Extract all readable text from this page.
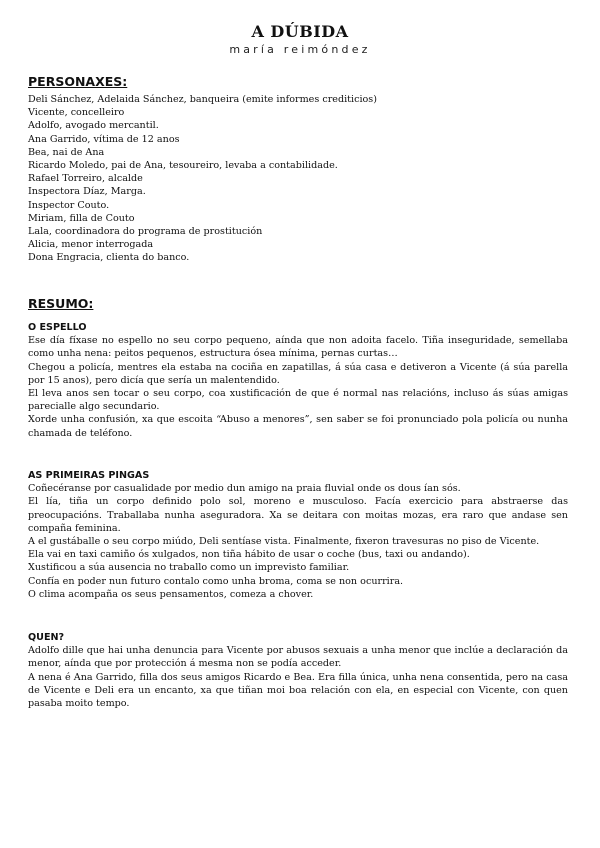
A DÚBIDA
maría reimóndez
PERSONAXES:
Deli Sánchez, Adelaida Sánchez, banqueira (emite informes crediticios)
Vicente, concelleiro
Adolfo, avogado mercantil.
Ana Garrido, vítima de 12 anos
Bea, nai de Ana
Ricardo Moledo, pai de Ana, tesoureiro, levaba a contabilidade.
Rafael Torreiro, alcalde
Inspectora Díaz, Marga.
Inspector Couto.
Miriam, filla de Couto
Lala, coordinadora do programa de prostitución
Alicia, menor interrogada
Dona Engracia, clienta do banco.
RESUMO:
O ESPELLO

Ese día fíxase no espello no seu corpo pequeno, aínda que non adoita facelo. Tiña inseguridade, semellaba como unha nena: peitos pequenos, estructura ósea mínima, pernas curtas…

Chegou a policía, mentres ela estaba na cociña en zapatillas, á súa casa e detiveron a Vicente (á súa parella por 15 anos), pero dicía que sería un malentendido.

El leva anos sen tocar o seu corpo, coa xustificación de que é normal nas relacións, incluso ás súas amigas parecialle algo secundario.

Xorde unha confusión, xa que escoita “Abuso a menores”, sen saber se foi pronunciado pola policía ou nunha chamada de teléfono.

AS PRIMEIRAS PINGAS

Coñecéranse por casualidade por medio dun amigo na praia fluvial onde os dous ían sós.

El lía, tiña un corpo definido polo sol, moreno e musculoso. Facía exercicio para abstraerse das preocupacións. Traballaba nunha aseguradora. Xa se deitara con moitas mozas, era raro que andase sen compaña feminina.

A el gustáballe o seu corpo miúdo, Deli sentíase vista. Finalmente, fixeron travesuras no piso de Vicente.

Ela vai en taxi camiño ós xulgados, non tiña hábito de usar o coche (bus, taxi ou andando).

Xustificou a súa ausencia no traballo como un imprevisto familiar.

Confía en poder nun futuro contalo como unha broma, coma se non ocurrira.

O clima acompaña os seus pensamentos, comeza a chover.

QUEN?

Adolfo dille que hai unha denuncia para Vicente por abusos sexuais a unha menor que inclúe a declaración da menor, aínda que por protección á mesma non se podía acceder.

A nena é Ana Garrido, filla dos seus amigos Ricardo e Bea. Era filla única, unha nena consentida, pero na casa de Vicente e Deli era un encanto, xa que tiñan moi boa relación con ela, en especial con Vicente, con quen pasaba moito tempo.
